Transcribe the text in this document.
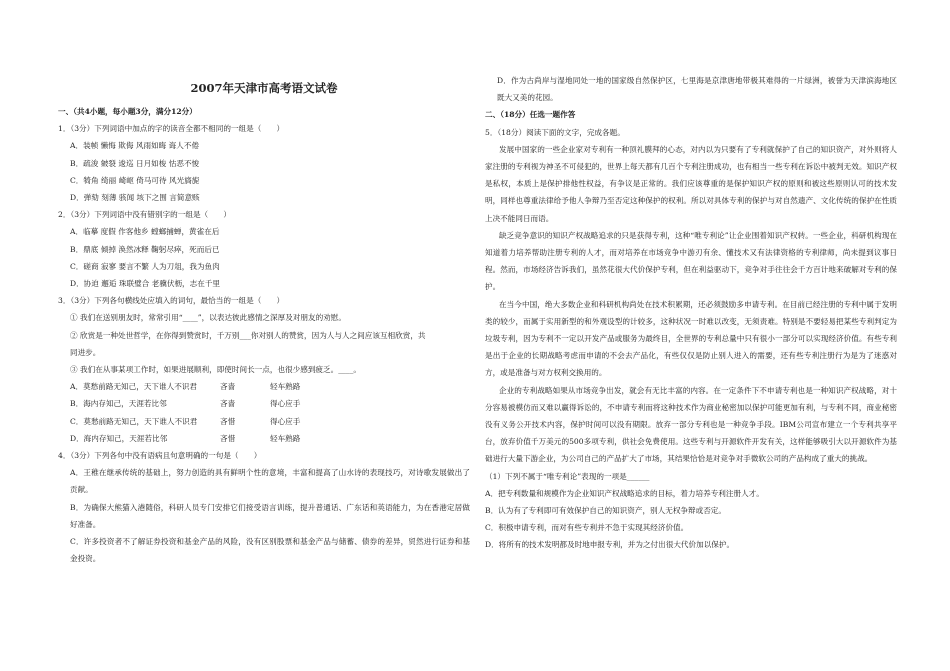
2007年天津市高考语文试卷
一、（共4小题，每小题3分，满分12分）
1．（3分）下列词语中加点的字的读音全都不相同的一组是（　　）
A．装帧 懒悔 欺侮 风雨如晦 诲人不倦
B．疏浚 皴裂 逡巡 日月如梭 怙恶不悛
C．犄角 绮丽 崎岖 倚马可待 风光旖旎
D．弹劾 刻薄 骇闻 垓下之围 言简意赅
2．（3分）下列词语中没有错别字的一组是（　　）
A．临摹 度假 作客他乡 螳螂捕蝉，黄雀在后
B．鼎底 倾掉 涣然冰释 鞠躬尽瘁，死而后已
C．磋商 寂寥 要言不繁 人为刀俎，我为鱼肉
D．协迫 邂逅 珠联璧合 老骥伏枥，志在千里
3．（3分）下列各句横线处应填入的词句，最恰当的一组是（　　）
① 我们在送别朋友时，常常引用“____”，以表达彼此感情之深厚及对朋友的劝慰。
② 欣赏是一种处世哲学，在你得到赞赏时，千万别___你对别人的赞赏，因为人与人之间应该互相欣赏，共
同进步。
③ 我们在从事某项工作时，如果进展顺利，即使时间长一点，也很少感到疲乏。____。
A．莫愁前路无知己，天下谁人不识君	吝啬	轻车熟路
B．海内存知己，天涯若比邻	吝啬	得心应手
C．莫愁前路无知己，天下谁人不识君	吝惜	得心应手
D．海内存知己，天涯若比邻	吝惜	轻车熟路
4．（3分）下列各句中没有语病且句意明确的一句是（　　）
A．王稚在继承传统的基础上，努力创造的具有鲜明个性的意境，丰富和提高了山水诗的表现技巧，对诗歌发展做出了贡献。
B．为确保大熊猫入港随俗，科研人员专门安排它们接受语言训练，提升普通话、广东话和英语能力，为在香港定居做好准备。
C．许多投资者不了解证券投资和基金产品的风险，没有区别股票和基金产品与储蓄、债券的差异，贸然进行证券和基金投资。
D．作为古尚岸与湿地同处一地的国家级自然保护区，七里海是京津唐地带极其难得的一片绿洲，被誉为天津滨海地区既大又美的花园。
二、（18分）任选一题作答
5．（18分）阅读下面的文字，完成各题。
发展中国家的一些企业家对专利有一种顶礼膜拜的心态，对内以为只要有了专利就保护了自己的知识资产，对外则将人家注册的专利视为神圣不可侵犯的，世界上每天都有几百个专利注册成功，也有相当一些专利在诉讼中被判无效。知识产权是私权，本质上是保护排他性权益，有争议是正常的。我们应该尊重的是保护知识产权的原则和被这些原则认可的技术发明，同样也尊重法律给予他人争辩乃至否定这种保护的权利。所以对具体专利的保护与对自然遗产、文化传统的保护在性质上决不能同日而语。
缺乏竞争意识的知识产权战略追求的只是获得专利，这种“唯专利论”让企业围着知识产权转。一些企业，科研机构现在知道着力培养帮助注册专利的人才，而对培养在市场竞争中游刃有余、懂技术又有法律资格的专利律师，尚未提到议事日程。然而，市场经济告诉我们，虽然花很大代价保护专利，但在利益驱动下，竞争对手往往会千方百计地来破解对专利的保护。
在当今中国，绝大多数企业和科研机构尚处在技术积累期，还必须鼓励多申请专利。在目前已经注册的专利中属于发明类的较少，而属于实用新型的和外观设型的计较多，这种状况一时难以改变，无须责难。特别是不要轻易把某些专利判定为垃圾专利，因为专利不一定以开发产品或服务为最终目，全世界的专利总量中只有很小一部分可以实现经济价值。有些专利是出于企业的长期战略考虑而申请的不会去产品化，有些仅仅是防止别人进入的需要，还有些专利注册行为是为了迷惑对方，或是准备与对方权利交换用的。
企业的专利战略如果从市场竞争出发，就会有无比丰富的内容。在一定条件下不申请专利也是一种知识产权战略，对十分容易被模仿而又难以赢得诉讼的，不申请专利而将这种技术作为商业秘密加以保护可能更加有利，与专利不同，商业秘密没有义务公开技术内容，保护时间可以没有期限。放弃一部分专利也是一种竞争手段。IBM公司宣布建立一个专利共享平台，放弃价值千万美元的500多项专利，供社会免费使用。这些专利与开源软件开发有关，这样能够吸引大以开源软件为基础进行大量下游企业，为公司自己的产品扩大了市场，其结果恰恰是对竞争对手微软公司的产品构成了重大的挑战。
（1）下列不属于“唯专利论”表现的一项是______
A．把专利数量和规模作为企业知识产权战略追求的目标，着力培养专利注册人才。
B．认为有了专利即可有效保护自己的知识资产，别人无权争辩或否定。
C．积极申请专利，而对有些专利并不急于实现其经济价值。
D．将所有的技术发明都及时地申报专利，并为之付出很大代价加以保护。
